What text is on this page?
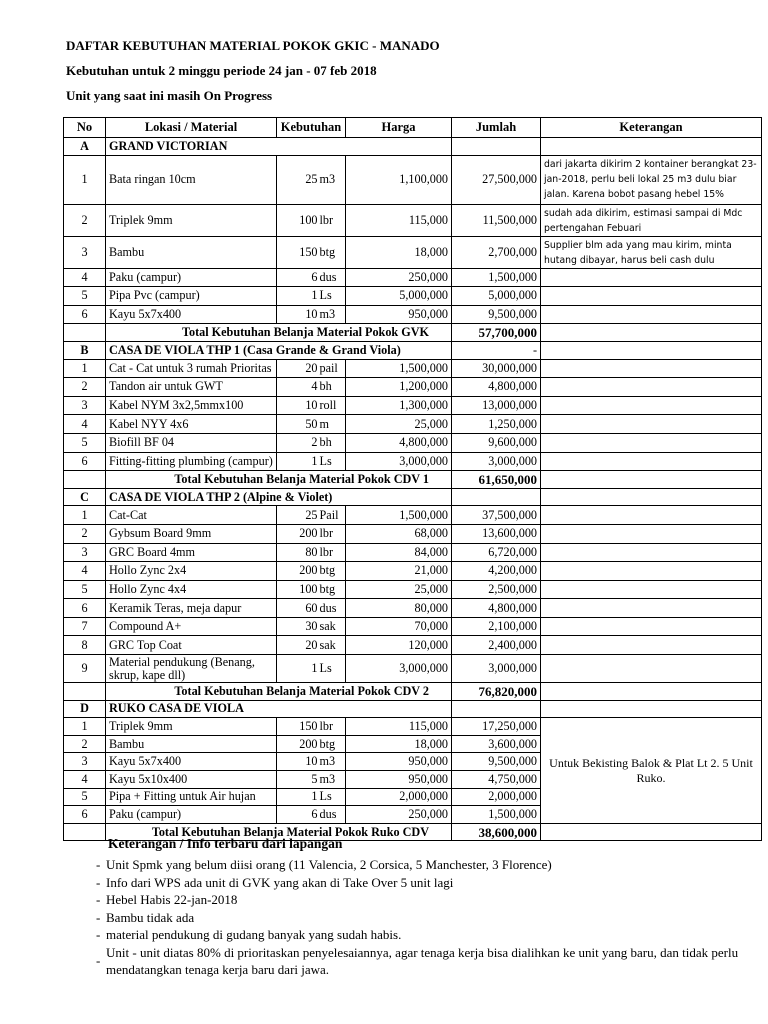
DAFTAR KEBUTUHAN MATERIAL POKOK GKIC - MANADO
Kebutuhan untuk 2 minggu periode 24 jan - 07 feb 2018
Unit yang saat ini masih On Progress
No	Lokasi / Material	Kebutuhan		Harga	Jumlah	Keterangan
A	GRAND VICTORIAN					
1	Bata ringan 10cm	25	m3	1,100,000	27,500,000	dari jakarta dikirim 2 kontainer berangkat 23-jan-2018, perlu beli lokal 25 m3 dulu biar jalan. Karena bobot pasang hebel 15%
2	Triplek 9mm	100	lbr	115,000	11,500,000	sudah ada dikirim, estimasi sampai di Mdc pertengahan Febuari
3	Bambu	150	btg	18,000	2,700,000	Supplier blm ada yang mau kirim, minta hutang dibayar, harus beli cash dulu
4	Paku (campur)	6	dus	250,000	1,500,000	
5	Pipa Pvc (campur)	1	Ls	5,000,000	5,000,000	
6	Kayu 5x7x400	10	m3	950,000	9,500,000	
	Total Kebutuhan Belanja Material Pokok GVK				57,700,000	
B	CASA DE VIOLA THP 1 (Casa Grande & Grand Viola)				-	
1	Cat - Cat untuk 3 rumah Prioritas	20	pail	1,500,000	30,000,000	
2	Tandon air untuk GWT	4	bh	1,200,000	4,800,000	
3	Kabel NYM 3x2,5mmx100	10	roll	1,300,000	13,000,000	
4	Kabel NYY 4x6	50	m	25,000	1,250,000	
5	Biofill BF 04	2	bh	4,800,000	9,600,000	
6	Fitting-fitting plumbing (campur)	1	Ls	3,000,000	3,000,000	
	Total Kebutuhan Belanja Material Pokok CDV 1				61,650,000	
C	CASA DE VIOLA THP 2 (Alpine & Violet)					
1	Cat-Cat	25	Pail	1,500,000	37,500,000	
2	Gybsum Board 9mm	200	lbr	68,000	13,600,000	
3	GRC Board 4mm	80	lbr	84,000	6,720,000	
4	Hollo Zync 2x4	200	btg	21,000	4,200,000	
5	Hollo Zync 4x4	100	btg	25,000	2,500,000	
6	Keramik Teras, meja dapur	60	dus	80,000	4,800,000	
7	Compound A+	30	sak	70,000	2,100,000	
8	GRC Top Coat	20	sak	120,000	2,400,000	
9	Material pendukung (Benang, skrup, kape dll)	1	Ls	3,000,000	3,000,000	
	Total Kebutuhan Belanja Material Pokok CDV 2				76,820,000	
D	RUKO CASA DE VIOLA					
1	Triplek 9mm	150	lbr	115,000	17,250,000	Untuk Bekisting Balok & Plat Lt 2. 5 Unit Ruko.
2	Bambu	200	btg	18,000	3,600,000	
3	Kayu 5x7x400	10	m3	950,000	9,500,000	
4	Kayu 5x10x400	5	m3	950,000	4,750,000	
5	Pipa + Fitting untuk Air hujan	1	Ls	2,000,000	2,000,000	
6	Paku (campur)	6	dus	250,000	1,500,000	
	Total Kebutuhan Belanja Material Pokok Ruko CDV				38,600,000	
Keterangan / Info terbaru dari lapangan
- Unit Spmk yang belum diisi orang (11 Valencia, 2 Corsica, 5 Manchester, 3 Florence)
- Info dari WPS ada unit di GVK yang akan di Take Over 5 unit lagi
- Hebel Habis 22-jan-2018
- Bambu tidak ada
- material pendukung di gudang banyak yang sudah habis.
-
Unit - unit diatas 80% di prioritaskan penyelesaiannya, agar tenaga kerja bisa dialihkan ke unit yang baru, dan tidak perlu mendatangkan tenaga kerja baru dari jawa.
